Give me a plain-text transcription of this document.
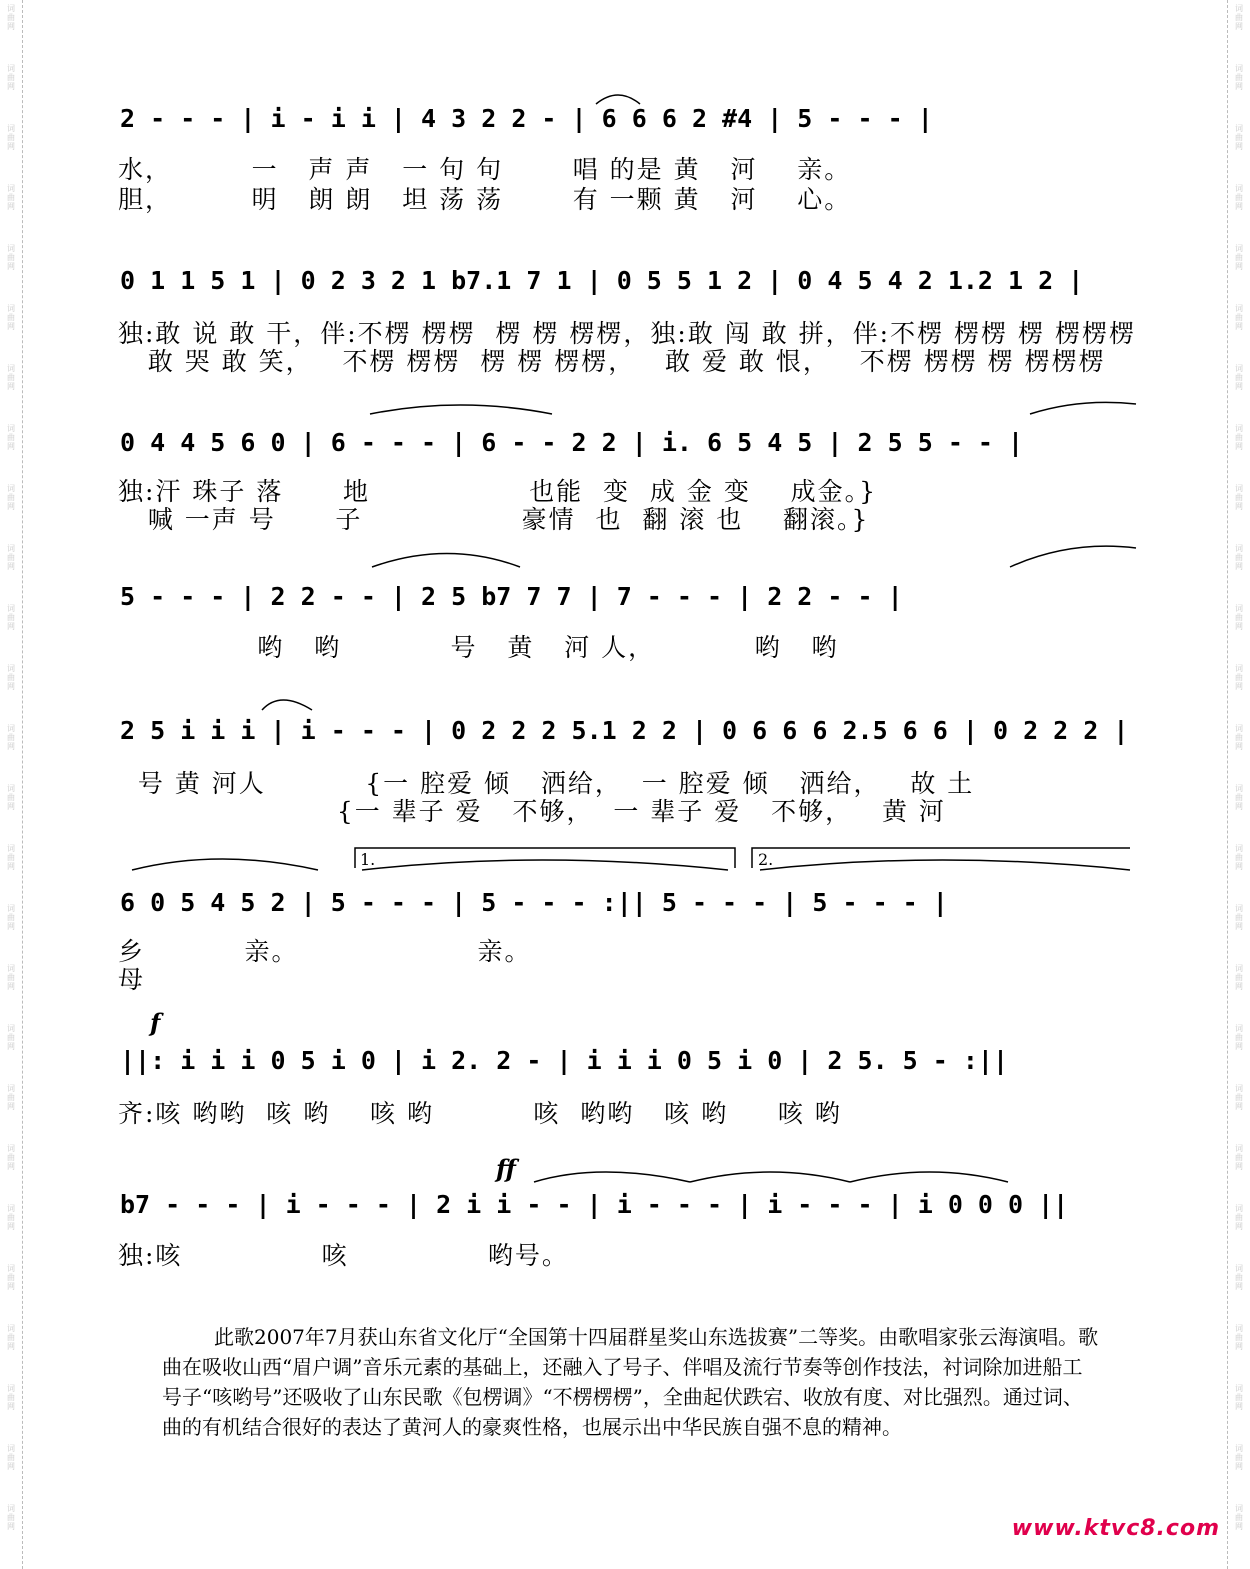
2 - - - | i - i i | 4 3 2 2 - | 6 6 6 2 #4 | 5 - - - |
水，        一   声 声   一 句 句       唱 的是 黄   河    亲。
胆，        明   朗 朗   坦 荡 荡       有 一颗 黄   河    心。
0 1 1 5 1 | 0 2 3 2 1 b7.1 7 1 | 0 5 5 1 2 | 0 4 5 4 2 1.2 1 2 |
独:敢 说 敢 干，伴:不楞 楞楞  楞 楞 楞楞，独:敢 闯 敢 拼，伴:不楞 楞楞 楞 楞楞楞
敢 哭 敢 笑，   不楞 楞楞  楞 楞 楞楞，   敢 爱 敢 恨，   不楞 楞楞 楞 楞楞楞
0 4 4 5 6 0 | 6 - - - | 6 - - 2 2 | i. 6 5 4 5 | 2 5 5 - - |
独:汗 珠子 落      地                也能  变  成 金 变    成金。}
喊 一声 号      子                豪情  也  翻 滚 也    翻滚。}
5 - - - | 2 2 - - | 2 5 b7 7 7 | 7 - - - | 2 2 - - |
哟   哟           号   黄   河 人，          哟   哟
2 5 i i i | i - - - | 0 2 2 2 5.1 2 2 | 0 6 6 6 2.5 6 6 | 0 2 2 2 |
号 黄 河人          {一 腔爱 倾   洒给，  一 腔爱 倾   洒给，   故 土
{一 辈子 爱   不够，  一 辈子 爱   不够，   黄 河
6 0 5 4 5 2 | 5 - - - | 5 - - - :|| 5 - - - | 5 - - - |
1.	2.
乡          亲。                  亲。
母
f
||: i i i 0 5 i 0 | i 2. 2 - | i i i 0 5 i 0 | 2 5. 5 - :||
齐:咳 哟哟  咳 哟    咳 哟          咳  哟哟   咳 哟     咳 哟
ff
b7 - - - | i - - - | 2 i i - - | i - - - | i - - - | i 0 0 0 ||
独:咳              咳              哟号。
此歌2007年7月获山东省文化厅“全国第十四届群星奖山东选拔赛”二等奖。由歌唱家张云海演唱。歌曲在吸收山西“眉户调”音乐元素的基础上，还融入了号子、伴唱及流行节奏等创作技法，衬词除加进船工号子“咳哟号”还吸收了山东民歌《包楞调》“不楞楞楞”，全曲起伏跌宕、收放有度、对比强烈。通过词、曲的有机结合很好的表达了黄河人的豪爽性格，也展示出中华民族自强不息的精神。
www.ktvc8.com
词
曲
网
词
曲
网
词
曲
网
词
曲
网
词
曲
网
词
曲
网
词
曲
网
词
曲
网
词
曲
网
词
曲
网
词
曲
网
词
曲
网
词
曲
网
词
曲
网
词
曲
网
词
曲
网
词
曲
网
词
曲
网
词
曲
网
词
曲
网
词
曲
网
词
曲
网
词
曲
网
词
曲
网
词
曲
网
词
曲
网
词
曲
网
词
曲
网
词
曲
网
词
曲
网
词
曲
网
词
曲
网
词
曲
网
词
曲
网
词
曲
网
词
曲
网
词
曲
网
词
曲
网
词
曲
网
词
曲
网
词
曲
网
词
曲
网
词
曲
网
词
曲
网
词
曲
网
词
曲
网
词
曲
网
词
曲
网
词
曲
网
词
曲
网
词
曲
网
词
曲
网
